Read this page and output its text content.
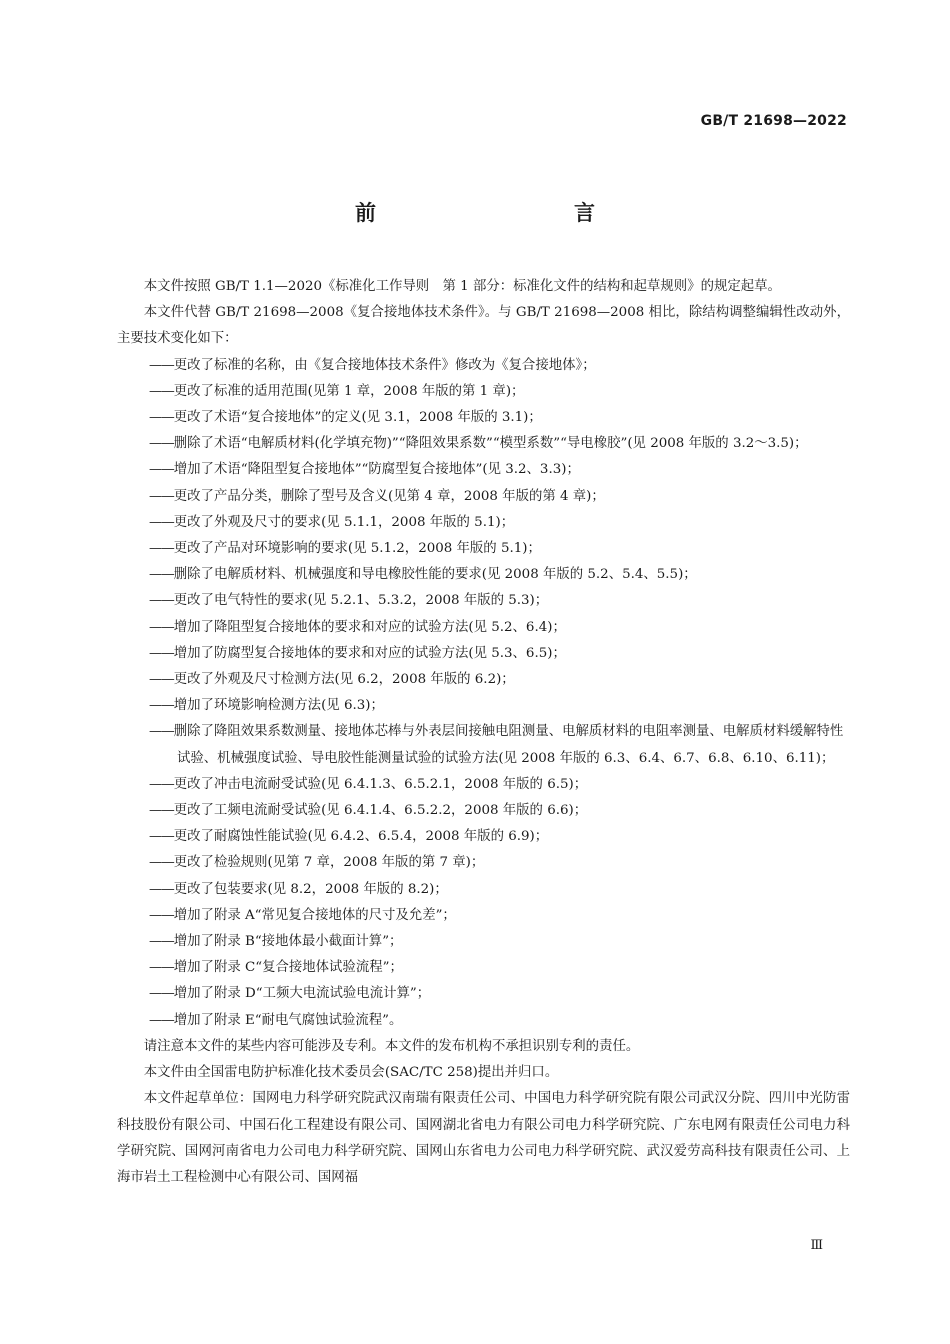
GB/T 21698—2022
前　　言

本文件按照 GB/T 1.1—2020《标准化工作导则　第 1 部分：标准化文件的结构和起草规则》的规定起草。

本文件代替 GB/T 21698—2008《复合接地体技术条件》。与 GB/T 21698—2008 相比，除结构调整编辑性改动外，主要技术变化如下：

——更改了标准的名称，由《复合接地体技术条件》修改为《复合接地体》；

——更改了标准的适用范围(见第 1 章，2008 年版的第 1 章)；

——更改了术语“复合接地体”的定义(见 3.1，2008 年版的 3.1)；

——删除了术语“电解质材料(化学填充物)”“降阻效果系数”“模型系数”“导电橡胶”(见 2008 年版的 3.2～3.5)；

——增加了术语“降阻型复合接地体”“防腐型复合接地体”(见 3.2、3.3)；

——更改了产品分类，删除了型号及含义(见第 4 章，2008 年版的第 4 章)；

——更改了外观及尺寸的要求(见 5.1.1，2008 年版的 5.1)；

——更改了产品对环境影响的要求(见 5.1.2，2008 年版的 5.1)；

——删除了电解质材料、机械强度和导电橡胶性能的要求(见 2008 年版的 5.2、5.4、5.5)；

——更改了电气特性的要求(见 5.2.1、5.3.2，2008 年版的 5.3)；

——增加了降阻型复合接地体的要求和对应的试验方法(见 5.2、6.4)；

——增加了防腐型复合接地体的要求和对应的试验方法(见 5.3、6.5)；

——更改了外观及尺寸检测方法(见 6.2，2008 年版的 6.2)；

——增加了环境影响检测方法(见 6.3)；

——删除了降阻效果系数测量、接地体芯棒与外表层间接触电阻测量、电解质材料的电阻率测量、电解质材料缓解特性试验、机械强度试验、导电胶性能测量试验的试验方法(见 2008 年版的 6.3、6.4、6.7、6.8、6.10、6.11)；

——更改了冲击电流耐受试验(见 6.4.1.3、6.5.2.1，2008 年版的 6.5)；

——更改了工频电流耐受试验(见 6.4.1.4、6.5.2.2，2008 年版的 6.6)；

——更改了耐腐蚀性能试验(见 6.4.2、6.5.4，2008 年版的 6.9)；

——更改了检验规则(见第 7 章，2008 年版的第 7 章)；

——更改了包装要求(见 8.2，2008 年版的 8.2)；

——增加了附录 A“常见复合接地体的尺寸及允差”；

——增加了附录 B“接地体最小截面计算”；

——增加了附录 C“复合接地体试验流程”；

——增加了附录 D“工频大电流试验电流计算”；

——增加了附录 E“耐电气腐蚀试验流程”。

请注意本文件的某些内容可能涉及专利。本文件的发布机构不承担识别专利的责任。

本文件由全国雷电防护标准化技术委员会(SAC/TC 258)提出并归口。

本文件起草单位：国网电力科学研究院武汉南瑞有限责任公司、中国电力科学研究院有限公司武汉分院、四川中光防雷科技股份有限公司、中国石化工程建设有限公司、国网湖北省电力有限公司电力科学研究院、广东电网有限责任公司电力科学研究院、国网河南省电力公司电力科学研究院、国网山东省电力公司电力科学研究院、武汉爱劳高科技有限责任公司、上海市岩土工程检测中心有限公司、国网福

Ⅲ
